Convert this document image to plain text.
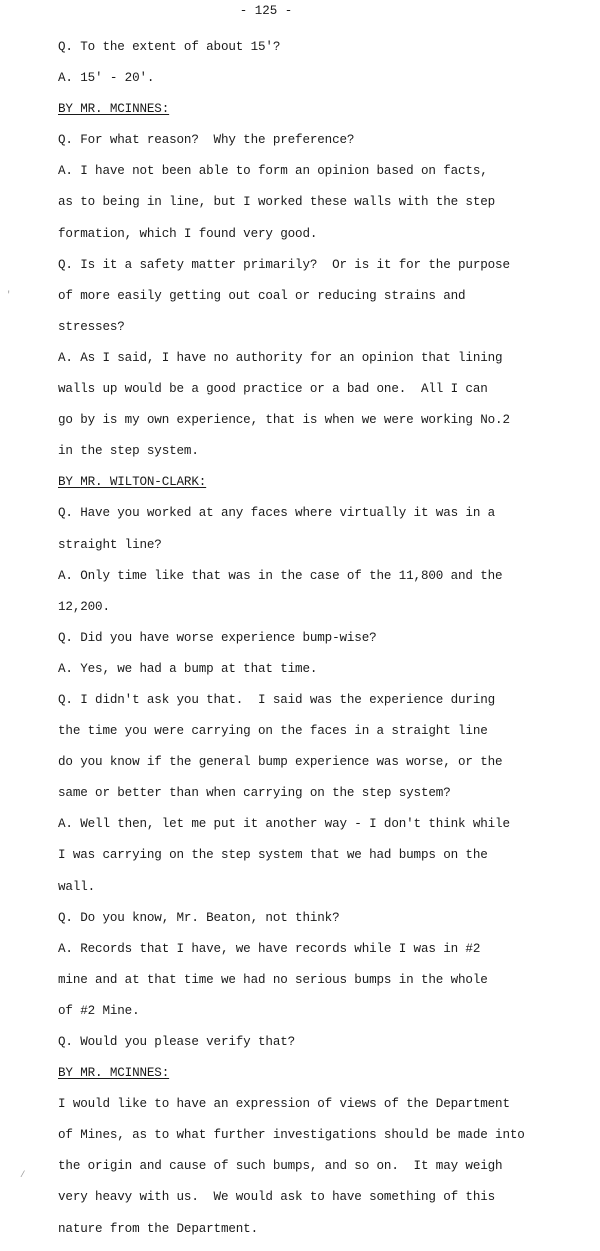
- 125 -
Q. To the extent of about 15'?
A. 15' - 20'.
BY MR. MCINNES:
Q. For what reason?  Why the preference?
A. I have not been able to form an opinion based on facts,
as to being in line, but I worked these walls with the step
formation, which I found very good.
Q. Is it a safety matter primarily?  Or is it for the purpose
of more easily getting out coal or reducing strains and
stresses?
A. As I said, I have no authority for an opinion that lining
walls up would be a good practice or a bad one.  All I can
go by is my own experience, that is when we were working No.2
in the step system.
BY MR. WILTON-CLARK:
Q. Have you worked at any faces where virtually it was in a
straight line?
A. Only time like that was in the case of the 11,800 and the
12,200.
Q. Did you have worse experience bump-wise?
A. Yes, we had a bump at that time.
Q. I didn't ask you that.  I said was the experience during
the time you were carrying on the faces in a straight line
do you know if the general bump experience was worse, or the
same or better than when carrying on the step system?
A. Well then, let me put it another way - I don't think while
I was carrying on the step system that we had bumps on the
wall.
Q. Do you know, Mr. Beaton, not think?
A. Records that I have, we have records while I was in #2
mine and at that time we had no serious bumps in the whole
of #2 Mine.
Q. Would you please verify that?
BY MR. MCINNES:
I would like to have an expression of views of the Department
of Mines, as to what further investigations should be made into
the origin and cause of such bumps, and so on.  It may weigh
very heavy with us.  We would ask to have something of this
nature from the Department.
'
/
